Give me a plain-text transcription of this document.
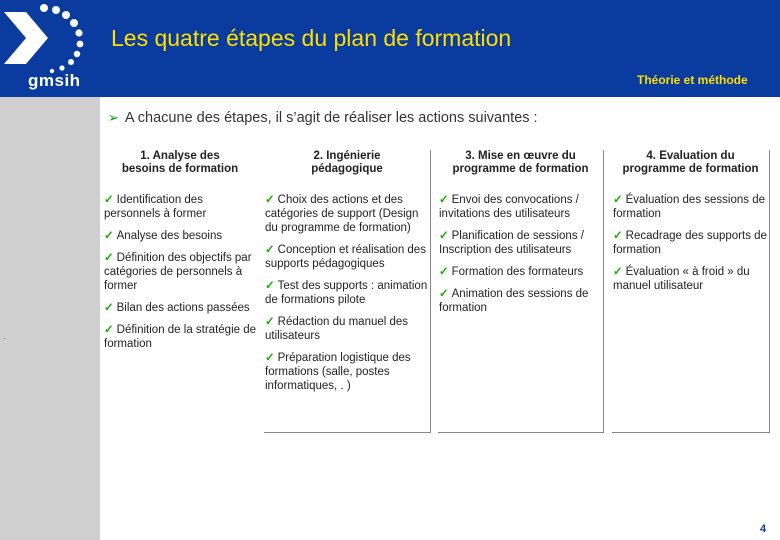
gmsih
Les quatre étapes du plan de formation
Théorie et méthode
.
➢ A chacune des étapes, il s’agit de réaliser les actions suivantes :
1. Analyse des
besoins de formation
✓ Identification des personnels à former
✓ Analyse des besoins
✓ Définition des objectifs par catégories de personnels à former
✓ Bilan des actions passées
✓ Définition de la stratégie de formation
2. Ingénierie
pédagogique
✓ Choix des actions et des catégories de support (Design du programme de formation)
✓ Conception et réalisation des supports pédagogiques
✓ Test des supports : animation de formations pilote
✓ Rédaction du manuel des utilisateurs
✓ Préparation logistique des formations (salle, postes informatiques, . )
3. Mise en œuvre du
programme de formation
✓ Envoi des convocations / invitations des utilisateurs
✓ Planification de sessions / Inscription des utilisateurs
✓ Formation des formateurs
✓ Animation des sessions de formation
4. Evaluation du
programme de formation
✓ Évaluation des sessions de formation
✓ Recadrage des supports de formation
✓ Évaluation « à froid » du manuel utilisateur
4
